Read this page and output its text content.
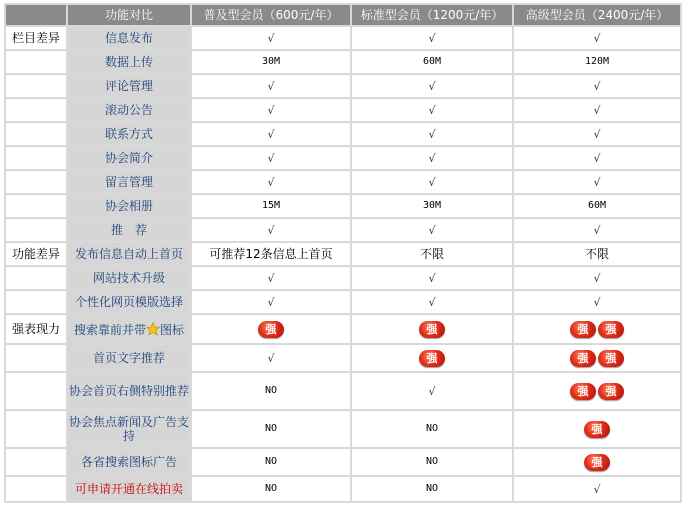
	功能对比	普及型会员（600元/年）	标准型会员（1200元/年）	高级型会员（2400元/年）
栏目差异	信息发布	√	√	√
	数据上传	30M	60M	120M
	评论管理	√	√	√
	滚动公告	√	√	√
	联系方式	√	√	√
	协会简介	√	√	√
	留言管理	√	√	√
	协会相册	15M	30M	60M
	推　荐	√	√	√
功能差异	发布信息自动上首页	可推荐12条信息上首页	不限	不限
	网站技术升级	√	√	√
	个性化网页模版选择	√	√	√
强表现力	搜索靠前并带 图标	强	强	强 强
	首页文字推荐	√	强	强 强
	协会首页右侧特别推荐	NO	√	强 强
	协会焦点新闻及广告支持	NO	NO	强
	各省搜索图标广告	NO	NO	强
	可申请开通在线拍卖	NO	NO	√
